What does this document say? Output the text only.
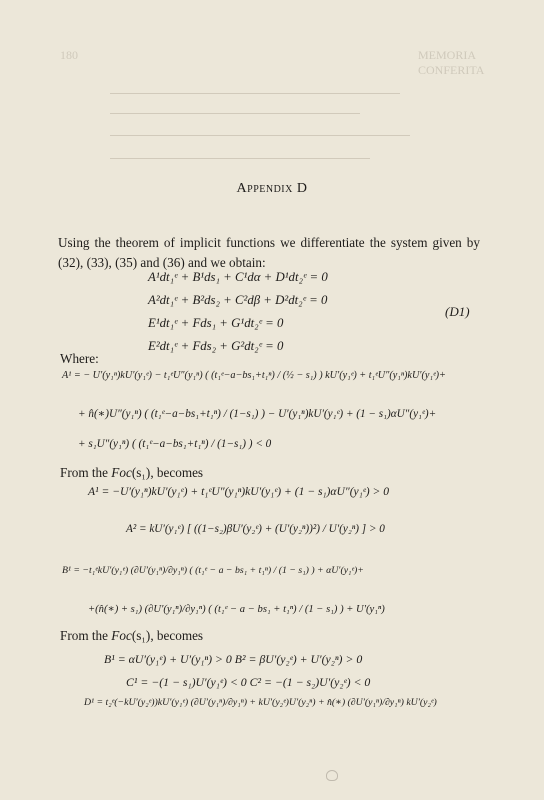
180	MEMORIA CONFERITA
Appendix D
Using the theorem of implicit functions we differentiate the system given by (32), (33), (35) and (36) and we obtain:
A¹dt₁ᵉ + B¹ds₁ + C¹dα + D¹dt₂ᵉ = 0
A²dt₁ᵉ + B²ds₂ + C²dβ + D²dt₂ᵉ = 0
E¹dt₁ᵉ + Fds₁ + G¹dt₂ᵉ = 0
E²dt₁ᵉ + Fds₂ + G²dt₂ᵉ = 0
(D1)
Where:
A¹ = − U′(y₁ⁿ)kU′(y₁ᵉ) − t₁ᵉU″(y₁ⁿ) ( (t₁ᵉ−a−bs₁+t₁ⁿ) / (½ − s₁) ) kU′(y₁ᵉ) + t₁ᵉU″(y₁ⁿ)kU′(y₁ᵉ)+
+ n̂(∗)U″(y₁ⁿ) ( (t₁ᵉ−a−bs₁+t₁ⁿ) / (1−s₁) ) − U′(y₁ⁿ)kU′(y₁ᵉ) + (1 − s₁)αU″(y₁ᵉ)+
+ s₁U″(y₁ⁿ) ( (t₁ᵉ−a−bs₁+t₁ⁿ) / (1−s₁) ) < 0
From the Foc(s₁), becomes
A¹ = −U′(y₁ⁿ)kU′(y₁ᵉ) + t₁ᵉU″(y₁ⁿ)kU′(y₁ᵉ) + (1 − s₁)αU″(y₁ᵉ) > 0
A² = kU′(y₁ᵉ) [ ((1−s₂)βU′(y₂ᵉ) + (U′(y₂ⁿ))²) / U′(y₂ⁿ) ] > 0
B¹ = −t₁ᵉkU′(y₁ᵉ) (∂U′(y₁ⁿ)/∂y₁ⁿ) ( (t₁ᵉ − a − bs₁ + t₁ⁿ) / (1 − s₁) ) + αU′(y₁ᵉ)+
+(n̂(∗) + s₁) (∂U′(y₁ⁿ)/∂y₁ⁿ) ( (t₁ᵉ − a − bs₁ + t₁ⁿ) / (1 − s₁) ) + U′(y₁ⁿ)
From the Foc(s₁), becomes
B¹ = αU′(y₁ᵉ) + U′(y₁ⁿ) > 0 B² = βU′(y₂ᵉ) + U′(y₂ⁿ) > 0
C¹ = −(1 − s₁)U′(y₁ᵉ) < 0 C² = −(1 − s₂)U′(y₂ᵉ) < 0
D¹ = t₂ᵉ(−kU′(y₂ᵉ))kU′(y₁ᵉ) (∂U′(y₁ⁿ)/∂y₁ⁿ) + kU′(y₂ᵉ)U′(y₂ⁿ) + n̂(∗) (∂U′(y₁ⁿ)/∂y₁ⁿ) kU′(y₂ᵉ)
